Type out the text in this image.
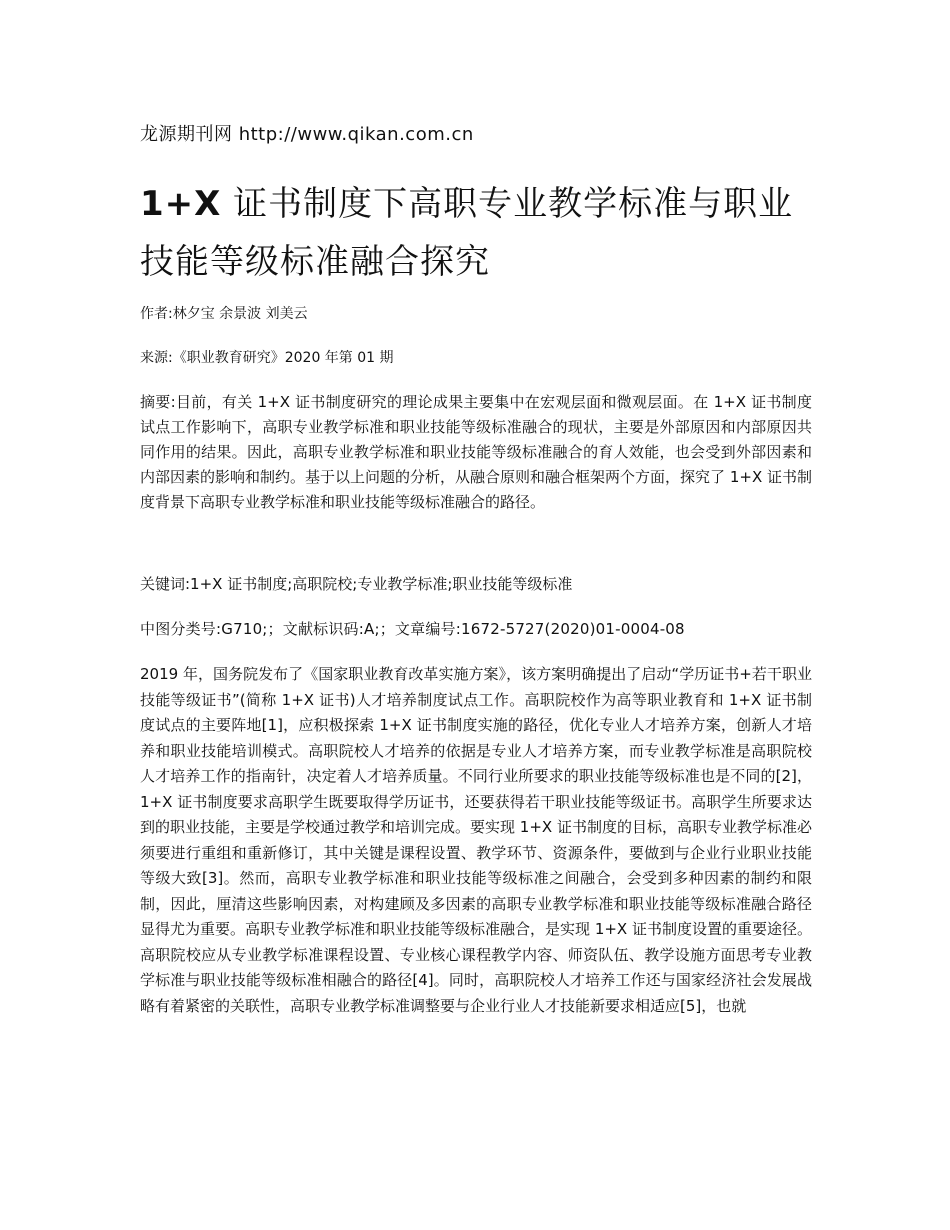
龙源期刊网 http://www.qikan.com.cn
1+X 证书制度下高职专业教学标准与职业技能等级标准融合探究
作者:林夕宝 余景波 刘美云
来源:《职业教育研究》2020 年第 01 期

摘要:目前，有关 1+X 证书制度研究的理论成果主要集中在宏观层面和微观层面。在 1+X 证书制度试点工作影响下，高职专业教学标准和职业技能等级标准融合的现状，主要是外部原因和内部原因共同作用的结果。因此，高职专业教学标准和职业技能等级标准融合的育人效能，也会受到外部因素和内部因素的影响和制约。基于以上问题的分析，从融合原则和融合框架两个方面，探究了 1+X 证书制度背景下高职专业教学标准和职业技能等级标准融合的路径。

关键词:1+X 证书制度;高职院校;专业教学标准;职业技能等级标准
中图分类号:G710;；文献标识码:A;；文章编号:1672-5727(2020)01-0004-08

2019 年，国务院发布了《国家职业教育改革实施方案》，该方案明确提出了启动“学历证书+若干职业技能等级证书”(简称 1+X 证书)人才培养制度试点工作。高职院校作为高等职业教育和 1+X 证书制度试点的主要阵地[1]，应积极探索 1+X 证书制度实施的路径，优化专业人才培养方案，创新人才培养和职业技能培训模式。高职院校人才培养的依据是专业人才培养方案，而专业教学标准是高职院校人才培养工作的指南针，决定着人才培养质量。不同行业所要求的职业技能等级标准也是不同的[2]，1+X 证书制度要求高职学生既要取得学历证书，还要获得若干职业技能等级证书。高职学生所要求达到的职业技能，主要是学校通过教学和培训完成。要实现 1+X 证书制度的目标，高职专业教学标准必须要进行重组和重新修订，其中关键是课程设置、教学环节、资源条件，要做到与企业行业职业技能等级大致[3]。然而，高职专业教学标准和职业技能等级标准之间融合，会受到多种因素的制约和限制，因此，厘清这些影响因素，对构建顾及多因素的高职专业教学标准和职业技能等级标准融合路径显得尤为重要。高职专业教学标准和职业技能等级标准融合，是实现 1+X 证书制度设置的重要途径。高职院校应从专业教学标准课程设置、专业核心课程教学内容、师资队伍、教学设施方面思考专业教学标准与职业技能等级标准相融合的路径[4]。同时，高职院校人才培养工作还与国家经济社会发展战略有着紧密的关联性，高职专业教学标准调整要与企业行业人才技能新要求相适应[5]，也就
